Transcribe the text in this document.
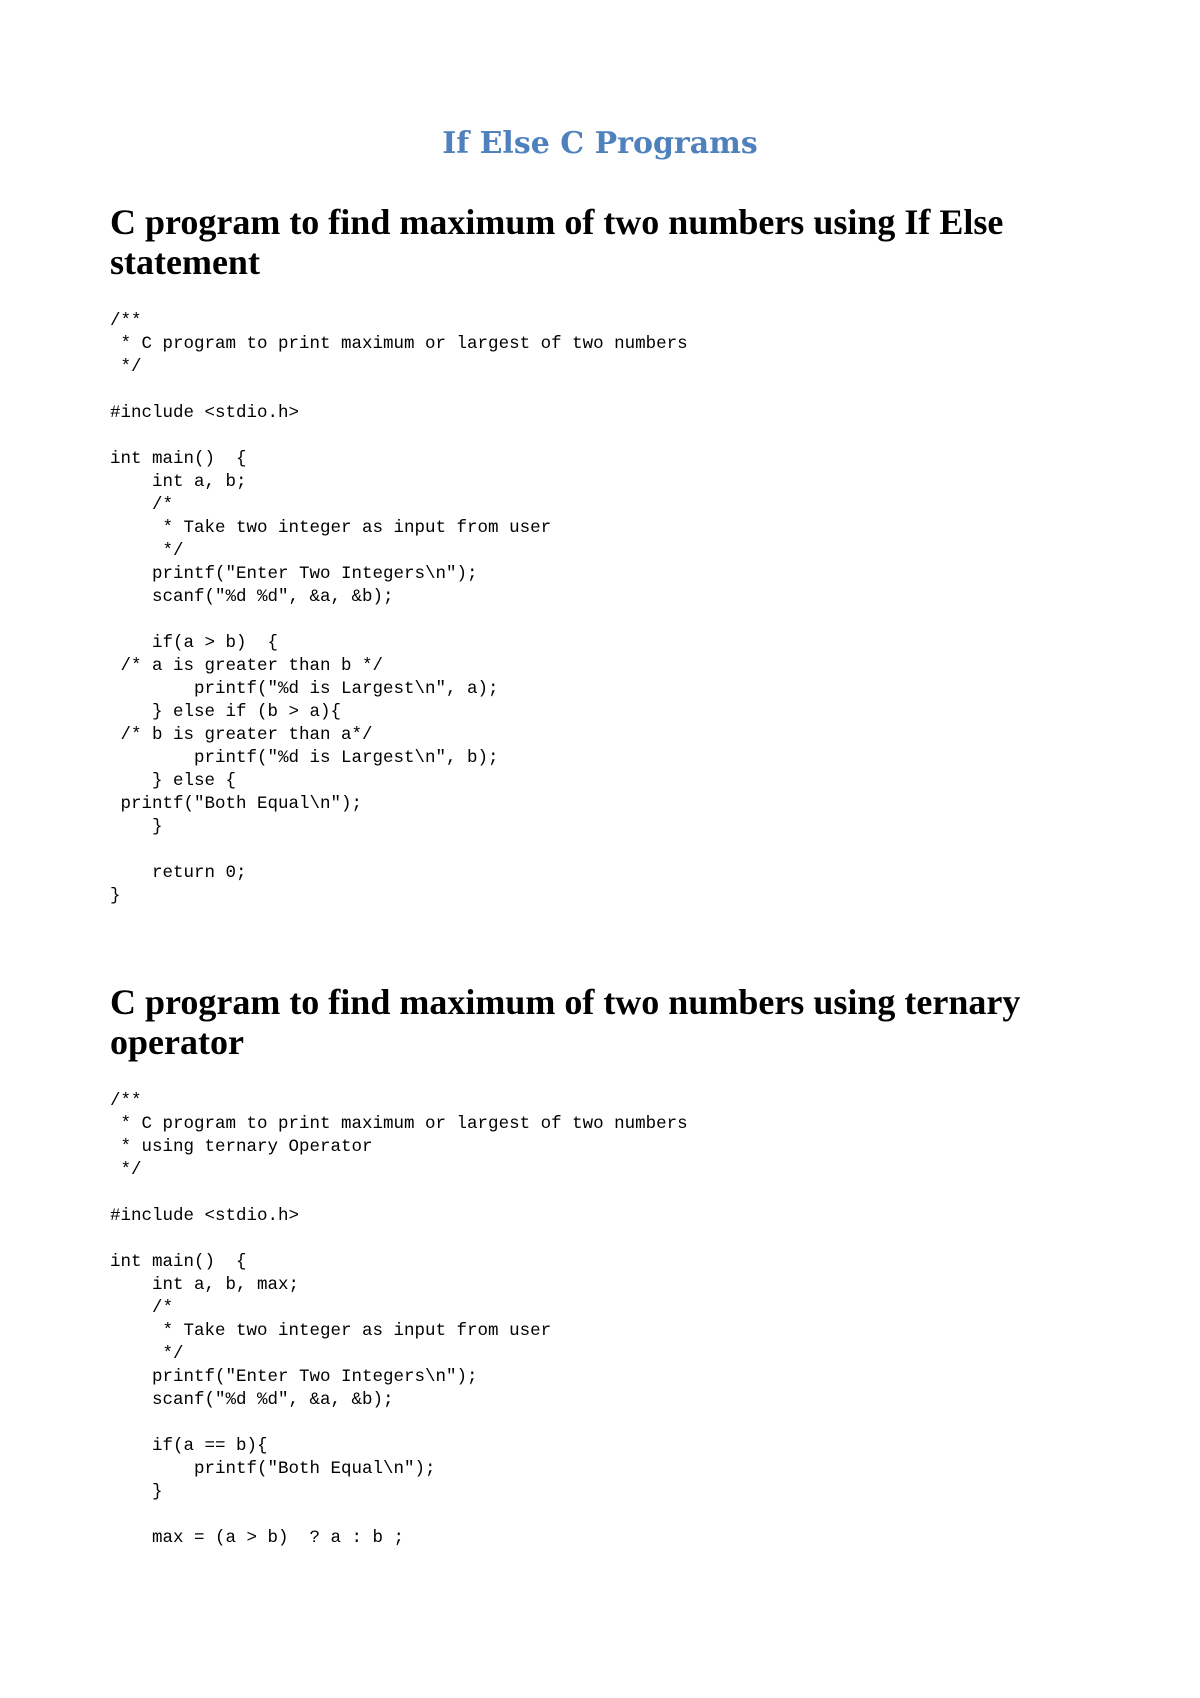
If Else C Programs
C program to find maximum of two numbers using If Else statement
/**
* C program to print maximum or largest of two numbers
*/
#include <stdio.h>
int main()  {
int a, b;
/*
* Take two integer as input from user
*/
printf("Enter Two Integers\n");
scanf("%d %d", &a, &b);
if(a > b)  {
/* a is greater than b */
printf("%d is Largest\n", a);
} else if (b > a){
/* b is greater than a*/
printf("%d is Largest\n", b);
} else {
printf("Both Equal\n");
}
return 0;
}
C program to find maximum of two numbers using ternary operator
/**
* C program to print maximum or largest of two numbers
* using ternary Operator
*/
#include <stdio.h>
int main()  {
int a, b, max;
/*
* Take two integer as input from user
*/
printf("Enter Two Integers\n");
scanf("%d %d", &a, &b);
if(a == b){
printf("Both Equal\n");
}
max = (a > b)  ? a : b ;
